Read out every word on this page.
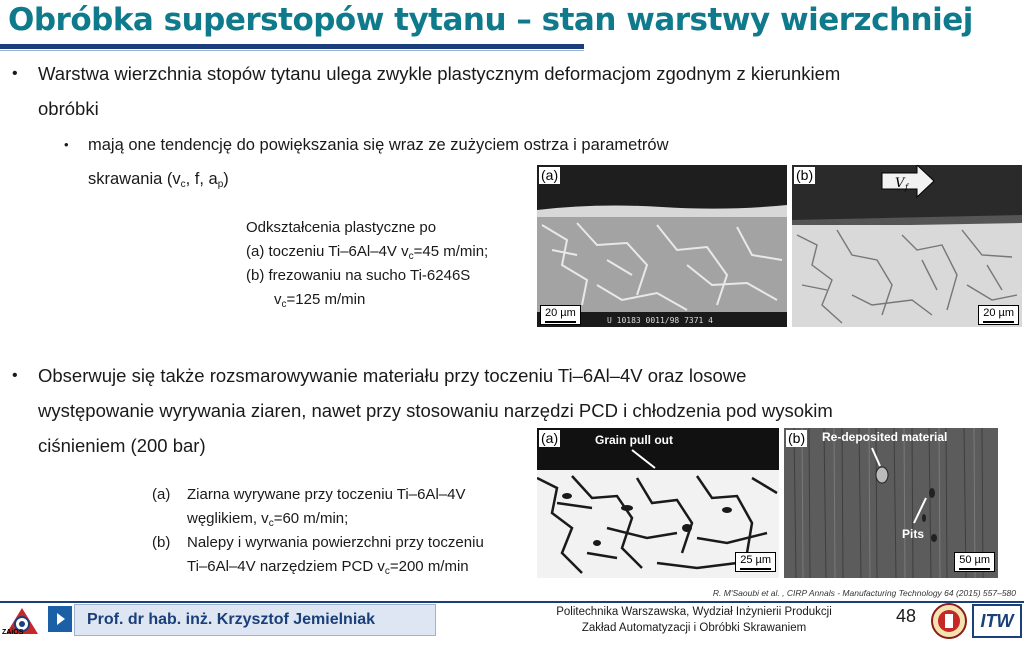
Obróbka superstopów tytanu – stan warstwy wierzchniej
• Warstwa wierzchnia stopów tytanu ulega zwykle plastycznym deformacjom zgodnym z kierunkiem
obróbki
• mają one tendencję do powiększania się wraz ze zużyciem ostrza i parametrów
skrawania ($v_c$, f, $a_p$)
Odkształcenia plastyczne po
(a) toczeniu Ti–6Al–4V $v_c=45$ m/min;
(b) frezowaniu na sucho Ti-6246S
$v_c=125$ m/min
U 10183 0011/98 7371 4
(a)
20 µm
V f
(b)
20 µm
• Obserwuje się także rozsmarowywanie materiału przy toczeniu Ti–6Al–4V oraz losowe
występowanie wyrywania ziaren, nawet przy stosowaniu narzędzi PCD i chłodzenia pod wysokim
ciśnieniem (200 bar)	Grain pull out
(a)
25 µm
Re-deposited material
Pits
(b)
50 µm
(a)	Ziarna wyrywane przy toczeniu Ti–6Al–4V
węglikiem, $v_c=60$ m/min;
(b)	Nalepy i wyrwania powierzchni przy toczeniu
Ti–6Al–4V narzędziem PCD $v_c=200$ m/min
R. M'Saoubi et al. , CIRP Annals - Manufacturing Technology 64 (2015) 557–580
ZAiOS
Prof. dr hab. inż. Krzysztof Jemielniak	Politechnika Warszawska, Wydział Inżynierii Produkcji
Zakład Automatyzacji i Obróbki Skrawaniem
48	ITW
